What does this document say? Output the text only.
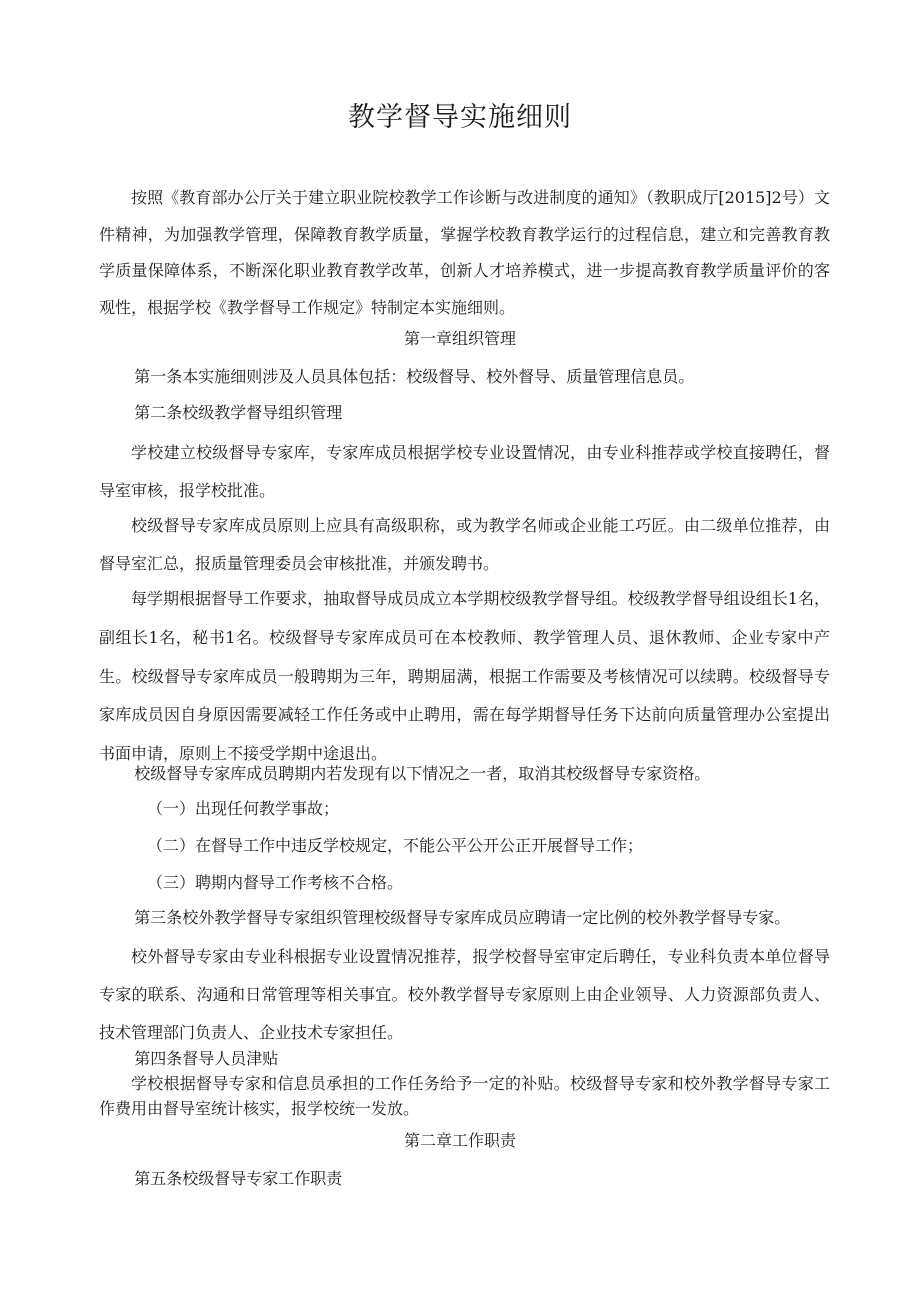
教学督导实施细则

按照《教育部办公厅关于建立职业院校教学工作诊断与改进制度的通知》（教职成厅[2015]2号）文件精神，为加强教学管理，保障教育教学质量，掌握学校教育教学运行的过程信息，建立和完善教育教学质量保障体系，不断深化职业教育教学改革，创新人才培养模式，进一步提高教育教学质量评价的客观性，根据学校《教学督导工作规定》特制定本实施细则。

第一章组织管理

第一条本实施细则涉及人员具体包括：校级督导、校外督导、质量管理信息员。

第二条校级教学督导组织管理

学校建立校级督导专家库，专家库成员根据学校专业设置情况，由专业科推荐或学校直接聘任，督导室审核，报学校批准。

校级督导专家库成员原则上应具有高级职称，或为教学名师或企业能工巧匠。由二级单位推荐，由督导室汇总，报质量管理委员会审核批准，并颁发聘书。

每学期根据督导工作要求，抽取督导成员成立本学期校级教学督导组。校级教学督导组设组长1名，副组长1名，秘书1名。校级督导专家库成员可在本校教师、教学管理人员、退休教师、企业专家中产生。校级督导专家库成员一般聘期为三年，聘期届满，根据工作需要及考核情况可以续聘。校级督导专家库成员因自身原因需要减轻工作任务或中止聘用，需在每学期督导任务下达前向质量管理办公室提出书面申请，原则上不接受学期中途退出。

校级督导专家库成员聘期内若发现有以下情况之一者，取消其校级督导专家资格。

（一）出现任何教学事故；

（二）在督导工作中违反学校规定，不能公平公开公正开展督导工作；

（三）聘期内督导工作考核不合格。

第三条校外教学督导专家组织管理校级督导专家库成员应聘请一定比例的校外教学督导专家。

校外督导专家由专业科根据专业设置情况推荐，报学校督导室审定后聘任，专业科负责本单位督导专家的联系、沟通和日常管理等相关事宜。校外教学督导专家原则上由企业领导、人力资源部负责人、技术管理部门负责人、企业技术专家担任。

第四条督导人员津贴

学校根据督导专家和信息员承担的工作任务给予一定的补贴。校级督导专家和校外教学督导专家工作费用由督导室统计核实，报学校统一发放。

第二章工作职责

第五条校级督导专家工作职责
